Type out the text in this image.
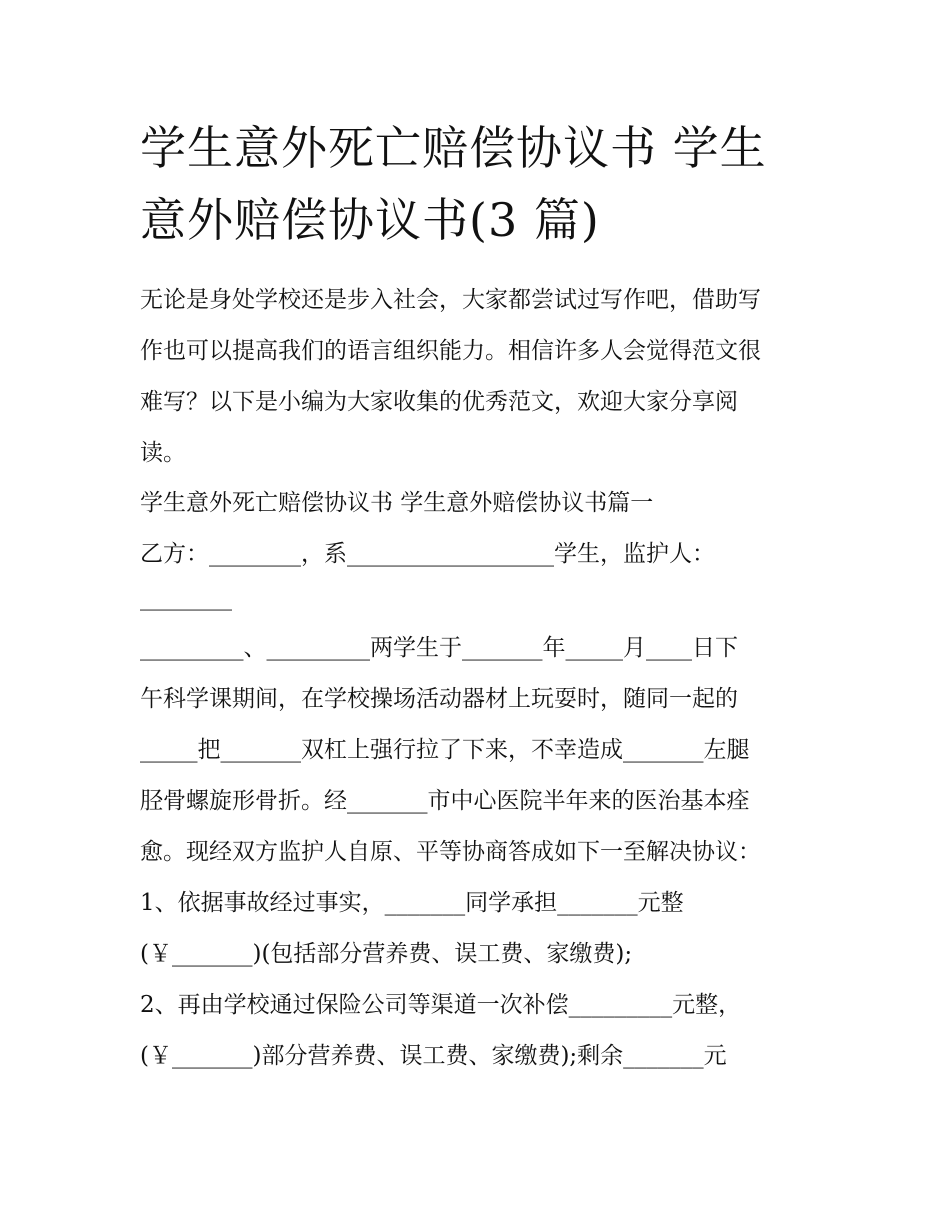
学生意外死亡赔偿协议书 学生
意外赔偿协议书(3 篇)
无论是身处学校还是步入社会，大家都尝试过写作吧，借助写
作也可以提高我们的语言组织能力。相信许多人会觉得范文很
难写？以下是小编为大家收集的优秀范文，欢迎大家分享阅
读。
学生意外死亡赔偿协议书 学生意外赔偿协议书篇一
乙方：________，系__________________学生，监护人：
________
_________、_________两学生于_______年_____月____日下
午科学课期间，在学校操场活动器材上玩耍时，随同一起的
_____把_______双杠上强行拉了下来，不幸造成_______左腿
胫骨螺旋形骨折。经_______市中心医院半年来的医治基本痊
愈。现经双方监护人自原、平等协商答成如下一至解决协议：
1、依据事故经过事实，_______同学承担_______元整
(￥_______)(包括部分营养费、误工费、家缴费);
2、再由学校通过保险公司等渠道一次补偿_________元整，
(￥_______)部分营养费、误工费、家缴费);剩余_______元
